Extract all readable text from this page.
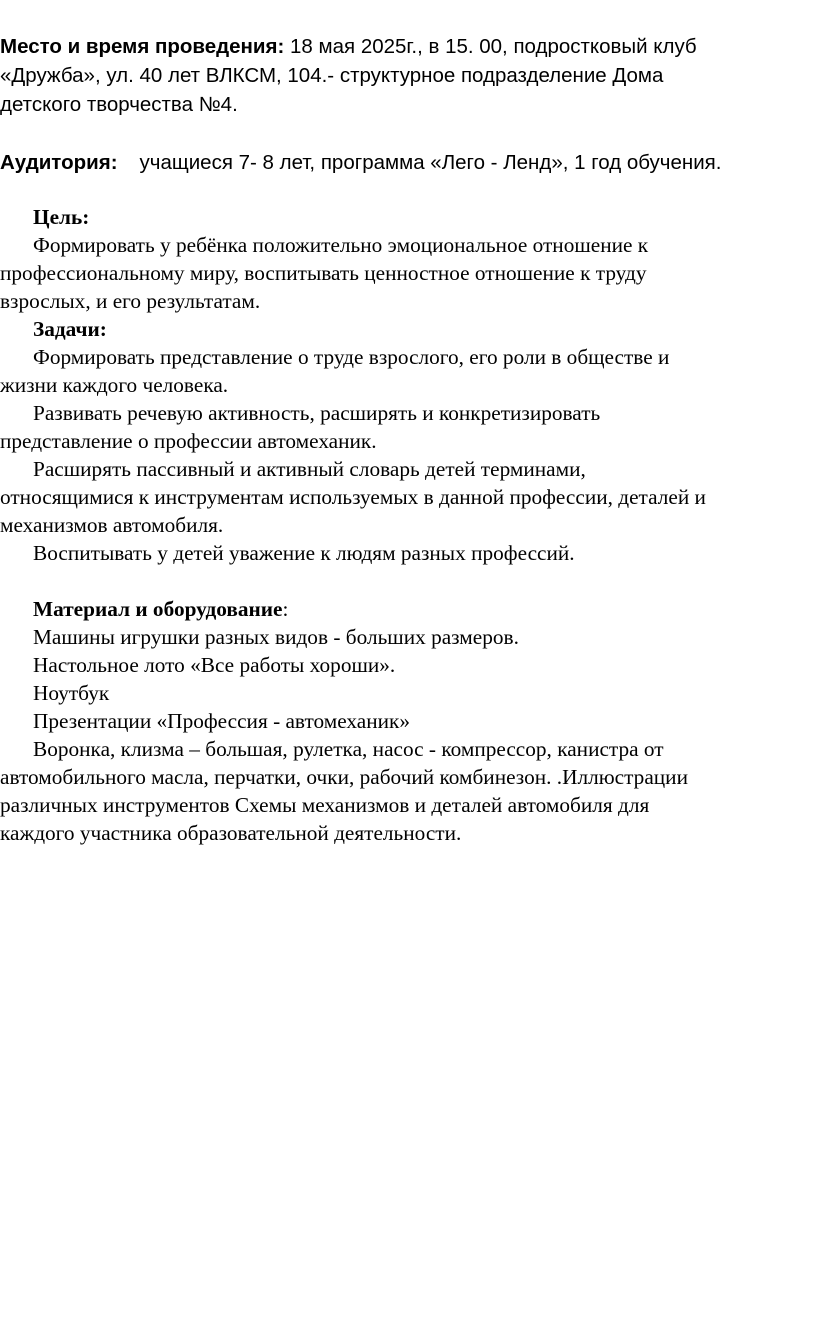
Место и время проведения: 18 мая 2025г., в 15. 00, подростковый клуб
«Дружба», ул. 40 лет ВЛКСМ, 104.- структурное подразделение Дома
детского творчества №4.
Аудитория: учащиеся 7- 8 лет, программа «Лего - Ленд», 1 год обучения.
Цель:
Формировать у ребёнка положительно эмоциональное отношение к
профессиональному миру, воспитывать ценностное отношение к труду
взрослых, и его результатам.
Задачи:
Формировать представление о труде взрослого, его роли в обществе и
жизни каждого человека.
Развивать речевую активность, расширять и конкретизировать
представление о профессии автомеханик.
Расширять пассивный и активный словарь детей терминами,
относящимися к инструментам используемых в данной профессии, деталей и
механизмов автомобиля.
Воспитывать у детей уважение к людям разных профессий.
Материал и оборудование:
Машины игрушки разных видов - больших размеров.
Настольное лото «Все работы хороши».
Ноутбук
Презентации «Профессия - автомеханик»
Воронка, клизма – большая, рулетка, насос - компрессор, канистра от
автомобильного масла, перчатки, очки, рабочий комбинезон. .Иллюстрации
различных инструментов Схемы механизмов и деталей автомобиля для
каждого участника образовательной деятельности.
